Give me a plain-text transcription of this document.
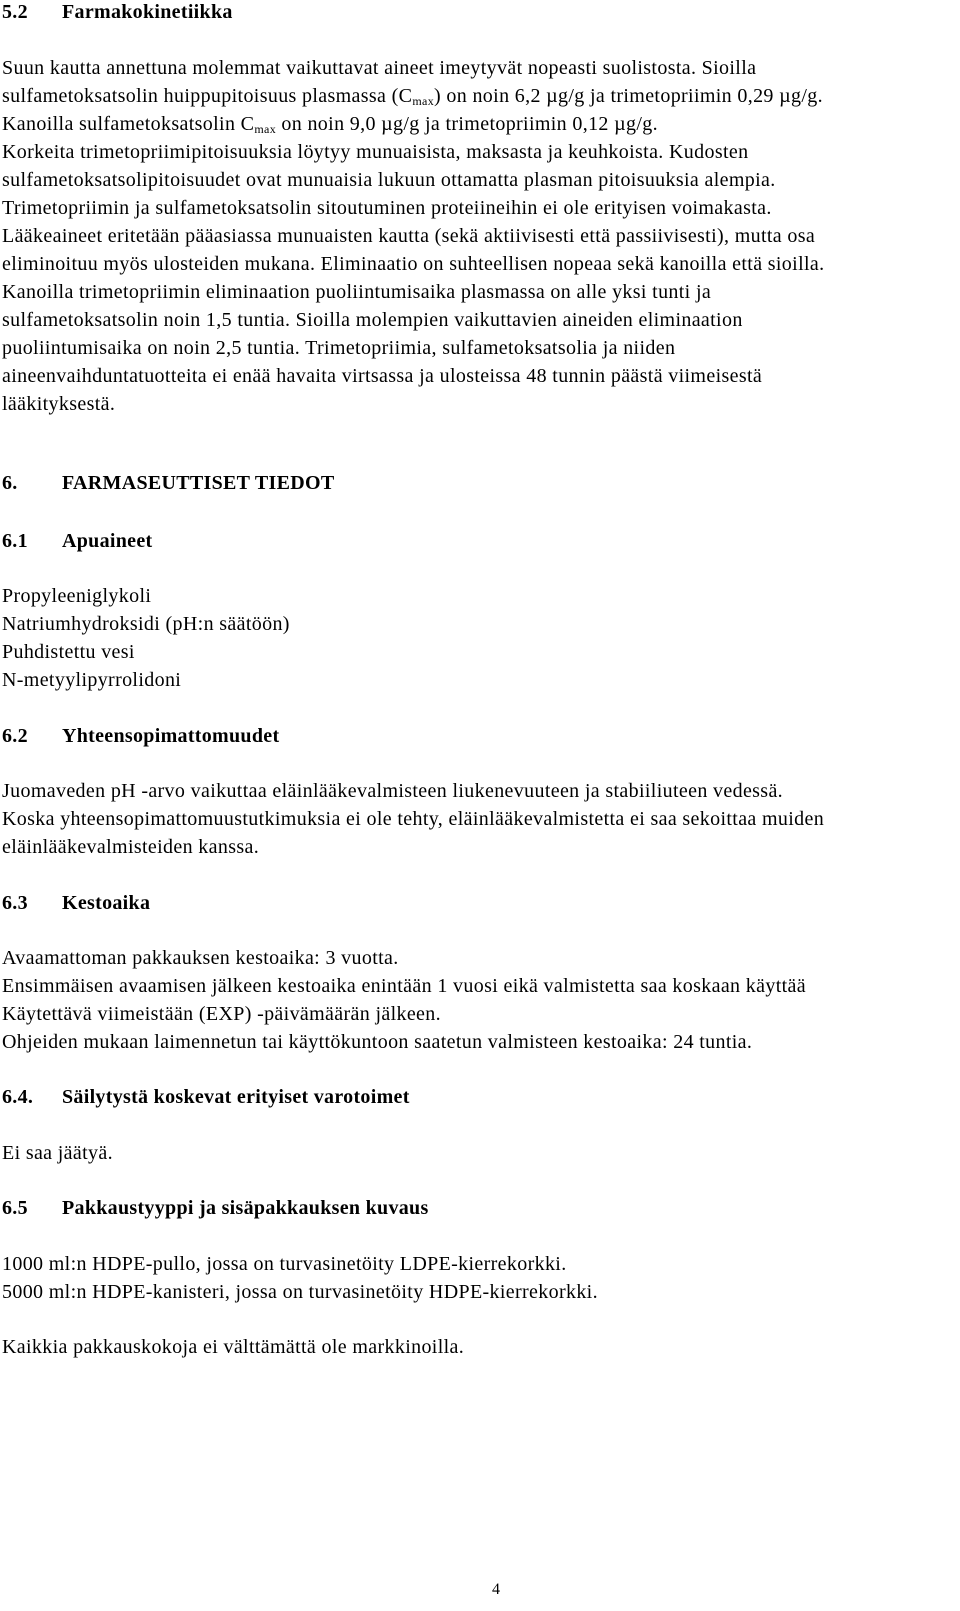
5.2 Farmakokinetiikka
Suun kautta annettuna molemmat vaikuttavat aineet imeytyvät nopeasti suolistosta. Sioilla
sulfametoksatsolin huippupitoisuus plasmassa $(C_{max})$ on noin 6,2 µg/g ja trimetopriimin 0,29 µg/g.
Kanoilla sulfametoksatsolin $C_{max}$ on noin 9,0 µg/g ja trimetopriimin 0,12 µg/g.
Korkeita trimetopriimipitoisuuksia löytyy munuaisista, maksasta ja keuhkoista. Kudosten
sulfametoksatsolipitoisuudet ovat munuaisia lukuun ottamatta plasman pitoisuuksia alempia.
Trimetopriimin ja sulfametoksatsolin sitoutuminen proteiineihin ei ole erityisen voimakasta.
Lääkeaineet eritetään pääasiassa munuaisten kautta (sekä aktiivisesti että passiivisesti), mutta osa
eliminoituu myös ulosteiden mukana. Eliminaatio on suhteellisen nopeaa sekä kanoilla että sioilla.
Kanoilla trimetopriimin eliminaation puoliintumisaika plasmassa on alle yksi tunti ja
sulfametoksatsolin noin 1,5 tuntia. Sioilla molempien vaikuttavien aineiden eliminaation
puoliintumisaika on noin 2,5 tuntia. Trimetopriimia, sulfametoksatsolia ja niiden
aineenvaihduntatuotteita ei enää havaita virtsassa ja ulosteissa 48 tunnin päästä viimeisestä
lääkityksestä.
6. FARMASEUTTISET TIEDOT
6.1 Apuaineet
Propyleeniglykoli
Natriumhydroksidi (pH:n säätöön)
Puhdistettu vesi
N-metyylipyrrolidoni
6.2 Yhteensopimattomuudet
Juomaveden pH -arvo vaikuttaa eläinlääkevalmisteen liukenevuuteen ja stabiiliuteen vedessä.
Koska yhteensopimattomuustutkimuksia ei ole tehty, eläinlääkevalmistetta ei saa sekoittaa muiden
eläinlääkevalmisteiden kanssa.
6.3 Kestoaika
Avaamattoman pakkauksen kestoaika: 3 vuotta.
Ensimmäisen avaamisen jälkeen kestoaika enintään 1 vuosi eikä valmistetta saa koskaan käyttää
Käytettävä viimeistään (EXP) -päivämäärän jälkeen.
Ohjeiden mukaan laimennetun tai käyttökuntoon saatetun valmisteen kestoaika: 24 tuntia.
6.4. Säilytystä koskevat erityiset varotoimet
Ei saa jäätyä.
6.5 Pakkaustyyppi ja sisäpakkauksen kuvaus
1000 ml:n HDPE-pullo, jossa on turvasinetöity LDPE-kierrekorkki.
5000 ml:n HDPE-kanisteri, jossa on turvasinetöity HDPE-kierrekorkki.
Kaikkia pakkauskokoja ei välttämättä ole markkinoilla.
4
